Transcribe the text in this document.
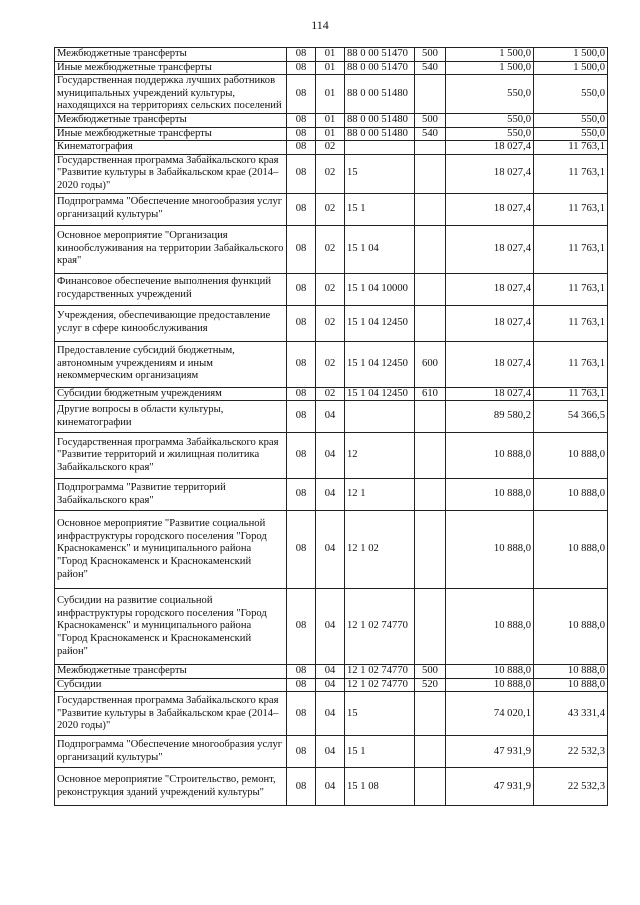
114
Межбюджетные трансферты	08	01	88 0 00 51470	500	1 500,0	1 500,0
Иные межбюджетные трансферты	08	01	88 0 00 51470	540	1 500,0	1 500,0
Государственная поддержка лучших работников муниципальных учреждений культуры, находящихся на территориях сельских поселений	08	01	88 0 00 51480		550,0	550,0
Межбюджетные трансферты	08	01	88 0 00 51480	500	550,0	550,0
Иные межбюджетные трансферты	08	01	88 0 00 51480	540	550,0	550,0
Кинематография	08	02			18 027,4	11 763,1
Государственная программа Забайкальского края "Развитие культуры в Забайкальском крае (2014–2020 годы)"	08	02	15		18 027,4	11 763,1
Подпрограмма "Обеспечение многообразия услуг организаций культуры"	08	02	15 1		18 027,4	11 763,1
Основное мероприятие "Организация кинообслуживания на территории Забайкальского края"	08	02	15 1 04		18 027,4	11 763,1
Финансовое обеспечение выполнения функций государственных учреждений	08	02	15 1 04 10000		18 027,4	11 763,1
Учреждения, обеспечивающие предоставление услуг в сфере кинообслуживания	08	02	15 1 04 12450		18 027,4	11 763,1
Предоставление субсидий бюджетным, автономным учреждениям и иным некоммерческим организациям	08	02	15 1 04 12450	600	18 027,4	11 763,1
Субсидии бюджетным учреждениям	08	02	15 1 04 12450	610	18 027,4	11 763,1
Другие вопросы в области культуры, кинематографии	08	04			89 580,2	54 366,5
Государственная программа Забайкальского края "Развитие территорий и жилищная политика Забайкальского края"	08	04	12		10 888,0	10 888,0
Подпрограмма "Развитие территорий Забайкальского края"	08	04	12 1		10 888,0	10 888,0
Основное мероприятие "Развитие социальной инфраструктуры городского поселения "Город Краснокаменск" и муниципального района "Город Краснокаменск и Краснокаменский район"	08	04	12 1 02		10 888,0	10 888,0
Субсидии на развитие социальной инфраструктуры городского поселения "Город Краснокаменск" и муниципального района "Город Краснокаменск и Краснокаменский район"	08	04	12 1 02 74770		10 888,0	10 888,0
Межбюджетные трансферты	08	04	12 1 02 74770	500	10 888,0	10 888,0
Субсидии	08	04	12 1 02 74770	520	10 888,0	10 888,0
Государственная программа Забайкальского края "Развитие культуры в Забайкальском крае (2014–2020 годы)"	08	04	15		74 020,1	43 331,4
Подпрограмма "Обеспечение многообразия услуг организаций культуры"	08	04	15 1		47 931,9	22 532,3
Основное мероприятие "Строительство, ремонт, реконструкция зданий учреждений культуры"	08	04	15 1 08		47 931,9	22 532,3
